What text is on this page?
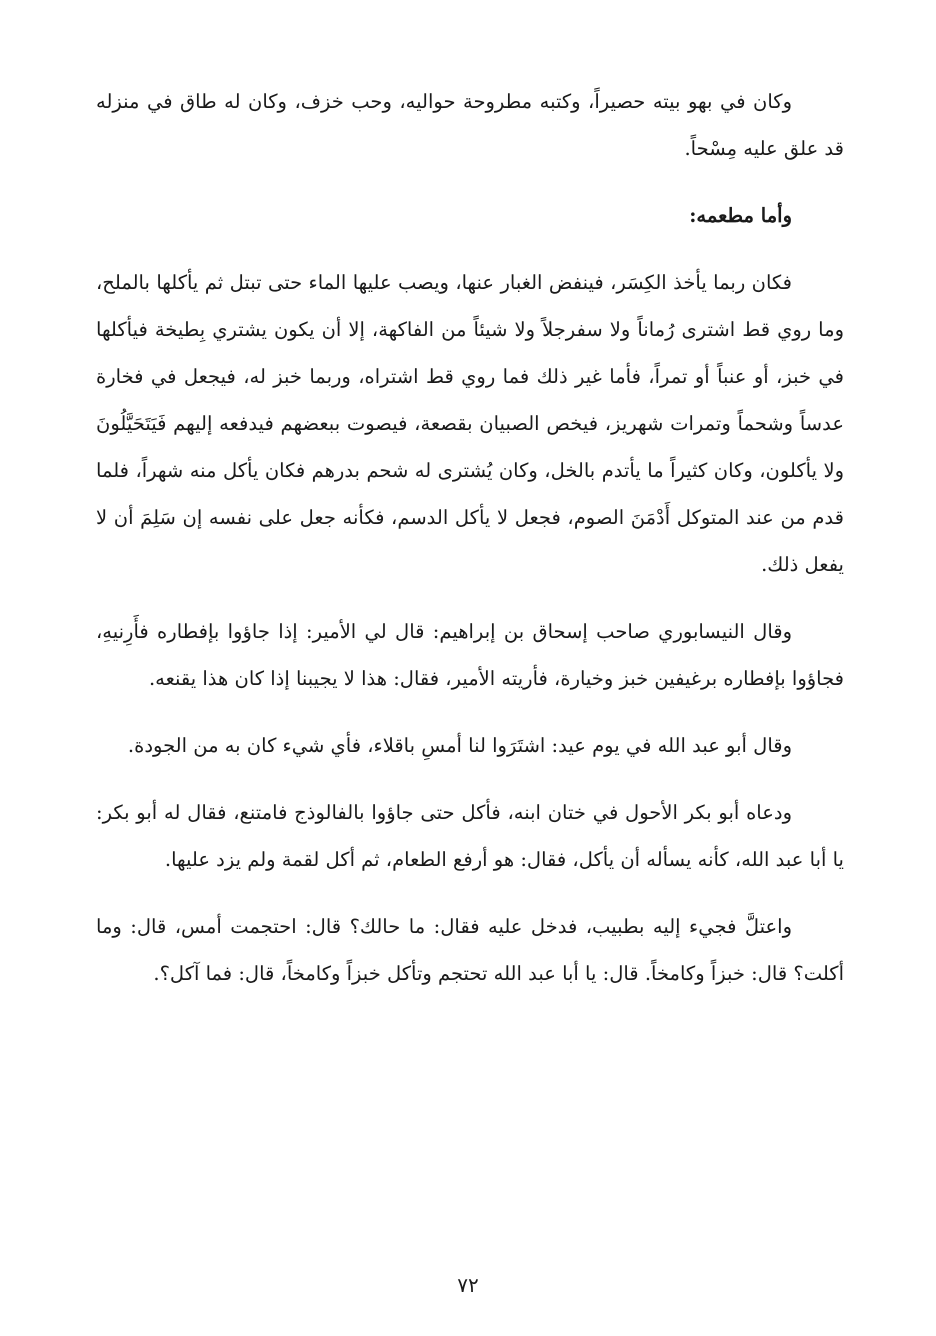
وكان في بهو بيته حصيراً، وكتبه مطروحة حواليه، وحب خزف، وكان له طاق في منزله قد علق عليه مِسْحاً.

وأما مطعمه:

فكان ربما يأخذ الكِسَر، فينفض الغبار عنها، ويصب عليها الماء حتى تبتل ثم يأكلها بالملح، وما روي قط اشترى رُماناً ولا سفرجلاً ولا شيئاً من الفاكهة، إلا أن يكون يشتري بِطيخة فيأكلها في خبز، أو عنباً أو تمراً، فأما غير ذلك فما روي قط اشتراه، وربما خبز له، فيجعل في فخارة عدساً وشحماً وتمرات شهريز، فيخص الصبيان بقصعة، فيصوت ببعضهم فيدفعه إليهم فَيَتَحَيَّلُونَ ولا يأكلون، وكان كثيراً ما يأتدم بالخل، وكان يُشترى له شحم بدرهم فكان يأكل منه شهراً، فلما قدم من عند المتوكل أَدْمَنَ الصوم، فجعل لا يأكل الدسم، فكأنه جعل على نفسه إن سَلِمَ أن لا يفعل ذلك.

وقال النيسابوري صاحب إسحاق بن إبراهيم: قال لي الأمير: إذا جاؤوا بإفطاره فأَرِنيهِ، فجاؤوا بإفطاره برغيفين خبز وخيارة، فأريته الأمير، فقال: هذا لا يجيبنا إذا كان هذا يقنعه.

وقال أبو عبد الله في يوم عيد: اشتَرَوا لنا أمسِ باقلاء، فأي شيء كان به من الجودة.

ودعاه أبو بكر الأحول في ختان ابنه، فأكل حتى جاؤوا بالفالوذج فامتنع، فقال له أبو بكر: يا أبا عبد الله، كأنه يسأله أن يأكل، فقال: هو أرفع الطعام، ثم أكل لقمة ولم يزد عليها.

واعتلَّ فجيء إليه بطبيب، فدخل عليه فقال: ما حالك؟ قال: احتجمت أمس، قال: وما أكلت؟ قال: خبزاً وكامخاً. قال: يا أبا عبد الله تحتجم وتأكل خبزاً وكامخاً، قال: فما آكل؟.

٧٢
